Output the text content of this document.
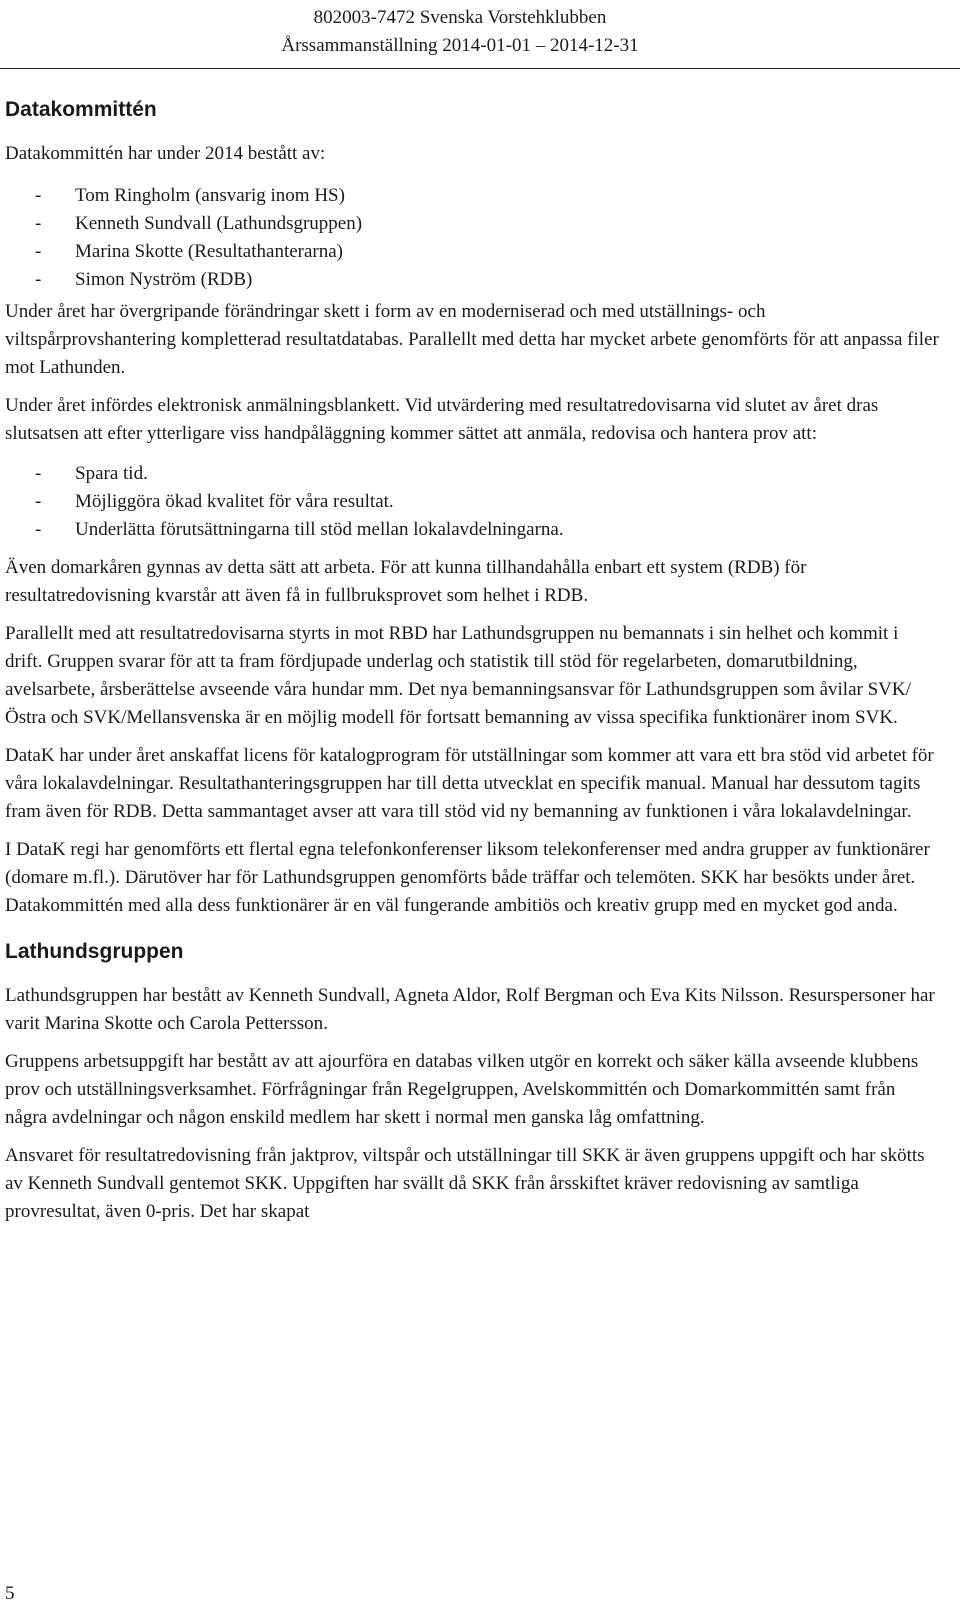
802003-7472 Svenska Vorstehklubben
Årssammanställning 2014-01-01 – 2014-12-31
Datakommittén

Datakommittén har under 2014 bestått av:

- Tom Ringholm (ansvarig inom HS)
- Kenneth Sundvall (Lathundsgruppen)
- Marina Skotte (Resultathanterarna)
- Simon Nyström (RDB)

Under året har övergripande förändringar skett i form av en moderniserad och med utställnings- och viltspårprovshantering kompletterad resultatdatabas. Parallellt med detta har mycket arbete genomförts för att anpassa filer mot Lathunden.

Under året infördes elektronisk anmälningsblankett. Vid utvärdering med resultatredovisarna vid slutet av året dras slutsatsen att efter ytterligare viss handpåläggning kommer sättet att anmäla, redovisa och hantera prov att:

- Spara tid.
- Möjliggöra ökad kvalitet för våra resultat.
- Underlätta förutsättningarna till stöd mellan lokalavdelningarna.

Även domarkåren gynnas av detta sätt att arbeta. För att kunna tillhandahålla enbart ett system (RDB) för resultatredovisning kvarstår att även få in fullbruksprovet som helhet i RDB.

Parallellt med att resultatredovisarna styrts in mot RBD har Lathundsgruppen nu bemannats i sin helhet och kommit i drift. Gruppen svarar för att ta fram fördjupade underlag och statistik till stöd för regelarbeten, domarutbildning, avelsarbete, årsberättelse avseende våra hundar mm. Det nya bemanningsansvar för Lathundsgruppen som åvilar SVK/Östra och SVK/Mellansvenska är en möjlig modell för fortsatt bemanning av vissa specifika funktionärer inom SVK.

DataK har under året anskaffat licens för katalogprogram för utställningar som kommer att vara ett bra stöd vid arbetet för våra lokalavdelningar. Resultathanteringsgruppen har till detta utvecklat en specifik manual. Manual har dessutom tagits fram även för RDB. Detta sammantaget avser att vara till stöd vid ny bemanning av funktionen i våra lokalavdelningar.

I DataK regi har genomförts ett flertal egna telefonkonferenser liksom telekonferenser med andra grupper av funktionärer (domare m.fl.). Därutöver har för Lathundsgruppen genomförts både träffar och telemöten. SKK har besökts under året. Datakommittén med alla dess funktionärer är en väl fungerande ambitiös och kreativ grupp med en mycket god anda.

Lathundsgruppen

Lathundsgruppen har bestått av Kenneth Sundvall, Agneta Aldor, Rolf Bergman och Eva Kits Nilsson. Resurspersoner har varit Marina Skotte och Carola Pettersson.

Gruppens arbetsuppgift har bestått av att ajourföra en databas vilken utgör en korrekt och säker källa avseende klubbens prov och utställningsverksamhet. Förfrågningar från Regelgruppen, Avelskommittén och Domarkommittén samt från några avdelningar och någon enskild medlem har skett i normal men ganska låg omfattning.

Ansvaret för resultatredovisning från jaktprov, viltspår och utställningar till SKK är även gruppens uppgift och har skötts av Kenneth Sundvall gentemot SKK. Uppgiften har svällt då SKK från årsskiftet kräver redovisning av samtliga provresultat, även 0-pris. Det har skapat

5
